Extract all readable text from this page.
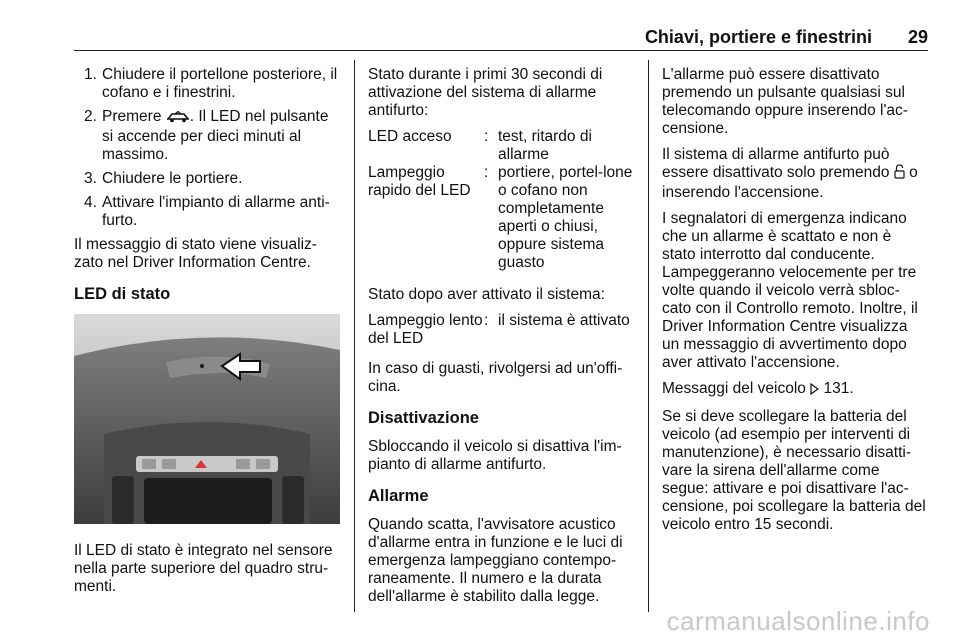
Chiavi, portiere e finestrini 29
1. Chiudere il portellone posteriore, il cofano e i finestrini.
2. Premere . Il LED nel pulsante si accende per dieci minuti al massimo.
3. Chiudere le portiere.
4. Attivare l'impianto di allarme anti-furto.

Il messaggio di stato viene visualiz-zato nel Driver Information Centre.

LED di stato

Il LED di stato è integrato nel sensore nella parte superiore del quadro stru-menti.

Stato durante i primi 30 secondi di attivazione del sistema di allarme antifurto:

LED acceso	: test, ritardo di allarme
Lampeggio rapido del LED
: portiere, portel-lone o cofano non completamente aperti o chiusi, oppure sistema guasto

Stato dopo aver attivato il sistema:

Lampeggio lento del LED
: il sistema è attivato

In caso di guasti, rivolgersi ad un'offi-cina.

Disattivazione

Sbloccando il veicolo si disattiva l'im-pianto di allarme antifurto.

Allarme

Quando scatta, l'avvisatore acustico d'allarme entra in funzione e le luci di emergenza lampeggiano contempo-raneamente. Il numero e la durata dell'allarme è stabilito dalla legge.

L'allarme può essere disattivato premendo un pulsante qualsiasi sul telecomando oppure inserendo l'ac-censione.

Il sistema di allarme antifurto può essere disattivato solo premendo  o inserendo l'accensione.

I segnalatori di emergenza indicano che un allarme è scattato e non è stato interrotto dal conducente. Lampeggeranno velocemente per tre volte quando il veicolo verrà sbloc-cato con il Controllo remoto. Inoltre, il Driver Information Centre visualizza un messaggio di avvertimento dopo aver attivato l'accensione.

Messaggi del veicolo  131.

Se si deve scollegare la batteria del veicolo (ad esempio per interventi di manutenzione), è necessario disatti-vare la sirena dell'allarme come segue: attivare e poi disattivare l'ac-censione, poi scollegare la batteria del veicolo entro 15 secondi.

carmanualsonline.info
